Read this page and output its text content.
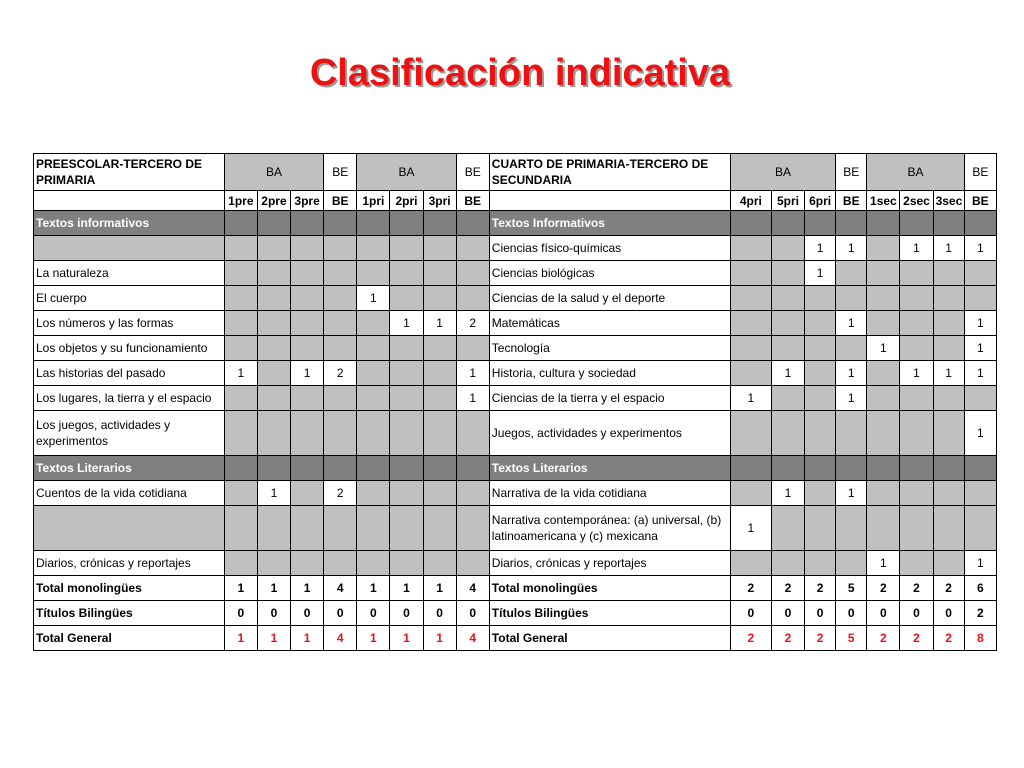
Clasificación indicativa
PREESCOLAR-TERCERO DE PRIMARIA	BA			BE	BA			BE	CUARTO DE PRIMARIA-TERCERO DE SECUNDARIA	BA			BE	BA			BE
	1pre	2pre	3pre	BE	1pri	2pri	3pri	BE		4pri	5pri	6pri	BE	1sec	2sec	3sec	BE
Textos informativos									Textos Informativos								
									Ciencias físico-químicas			1	1		1	1	1
La naturaleza									Ciencias biológicas			1					
El cuerpo					1				Ciencias de la salud y el deporte								
Los números y las formas						1	1	2	Matemáticas				1				1
Los objetos y su funcionamiento									Tecnología					1			1
Las historias del pasado	1		1	2				1	Historia, cultura y sociedad		1		1		1	1	1
Los lugares, la tierra y el espacio								1	Ciencias de la tierra y el espacio	1			1				
Los juegos, actividades y experimentos									Juegos, actividades y experimentos								1
Textos Literarios									Textos Literarios								
Cuentos de la vida cotidiana		1		2					Narrativa de la vida cotidiana		1		1				
									Narrativa contemporánea: (a) universal, (b) latinoamericana y (c) mexicana	1							
Diarios, crónicas y reportajes									Diarios, crónicas y reportajes					1			1
Total monolingües	1	1	1	4	1	1	1	4	Total monolingües	2	2	2	5	2	2	2	6
Títulos Bilingües	0	0	0	0	0	0	0	0	Títulos Bilingües	0	0	0	0	0	0	0	2
Total General	1	1	1	4	1	1	1	4	Total General	2	2	2	5	2	2	2	8
